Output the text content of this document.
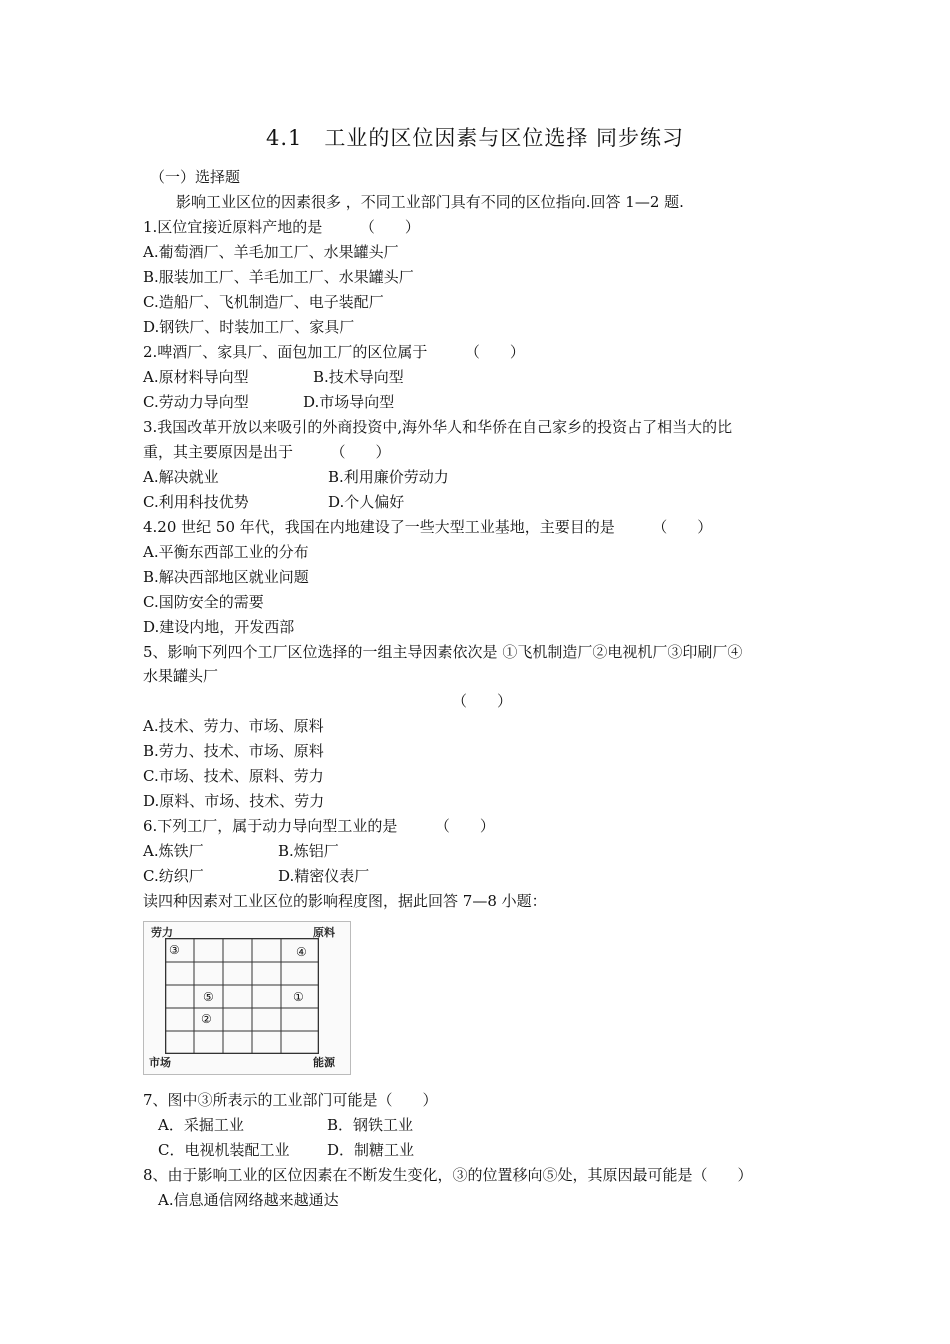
4.1　工业的区位因素与区位选择 同步练习
（一）选择题
影响工业区位的因素很多 ，不同工业部门具有不同的区位指向.回答 1—2 题.
1.区位宜接近原料产地的是　　　（　　）
A.葡萄酒厂、羊毛加工厂、水果罐头厂
B.服装加工厂、羊毛加工厂、水果罐头厂
C.造船厂、飞机制造厂、电子装配厂
D.钢铁厂、时装加工厂、家具厂
2.啤酒厂、家具厂、面包加工厂的区位属于　　　（　　）
A.原材料导向型	B.技术导向型
C.劳动力导向型	D.市场导向型
3.我国改革开放以来吸引的外商投资中,海外华人和华侨在自己家乡的投资占了相当大的比
重，其主要原因是出于　　　（　　）
A.解决就业	B.利用廉价劳动力
C.利用科技优势	D.个人偏好
4.20 世纪 50 年代，我国在内地建设了一些大型工业基地，主要目的是　　　（　　）
A.平衡东西部工业的分布
B.解决西部地区就业问题
C.国防安全的需要
D.建设内地，开发西部
5、影响下列四个工厂区位选择的一组主导因素依次是 ①飞机制造厂②电视机厂③印刷厂④
水果罐头厂
（　　）
A.技术、劳力、市场、原料
B.劳力、技术、市场、原料
C.市场、技术、原料、劳力
D.原料、市场、技术、劳力
6.下列工厂，属于动力导向型工业的是　　　（　　）
A.炼铁厂	B.炼铝厂
C.纺织厂	D.精密仪表厂
读四种因素对工业区位的影响程度图，据此回答 7—8 小题：
劳力	原料
市场	能源
③	④
⑤	①
②
7、图中③所表示的工业部门可能是（　　）
A．采掘工业	B．钢铁工业
C．电视机装配工业	D．制糖工业
8、由于影响工业的区位因素在不断发生变化，③的位置移向⑤处，其原因最可能是（　　）
A.信息通信网络越来越通达
